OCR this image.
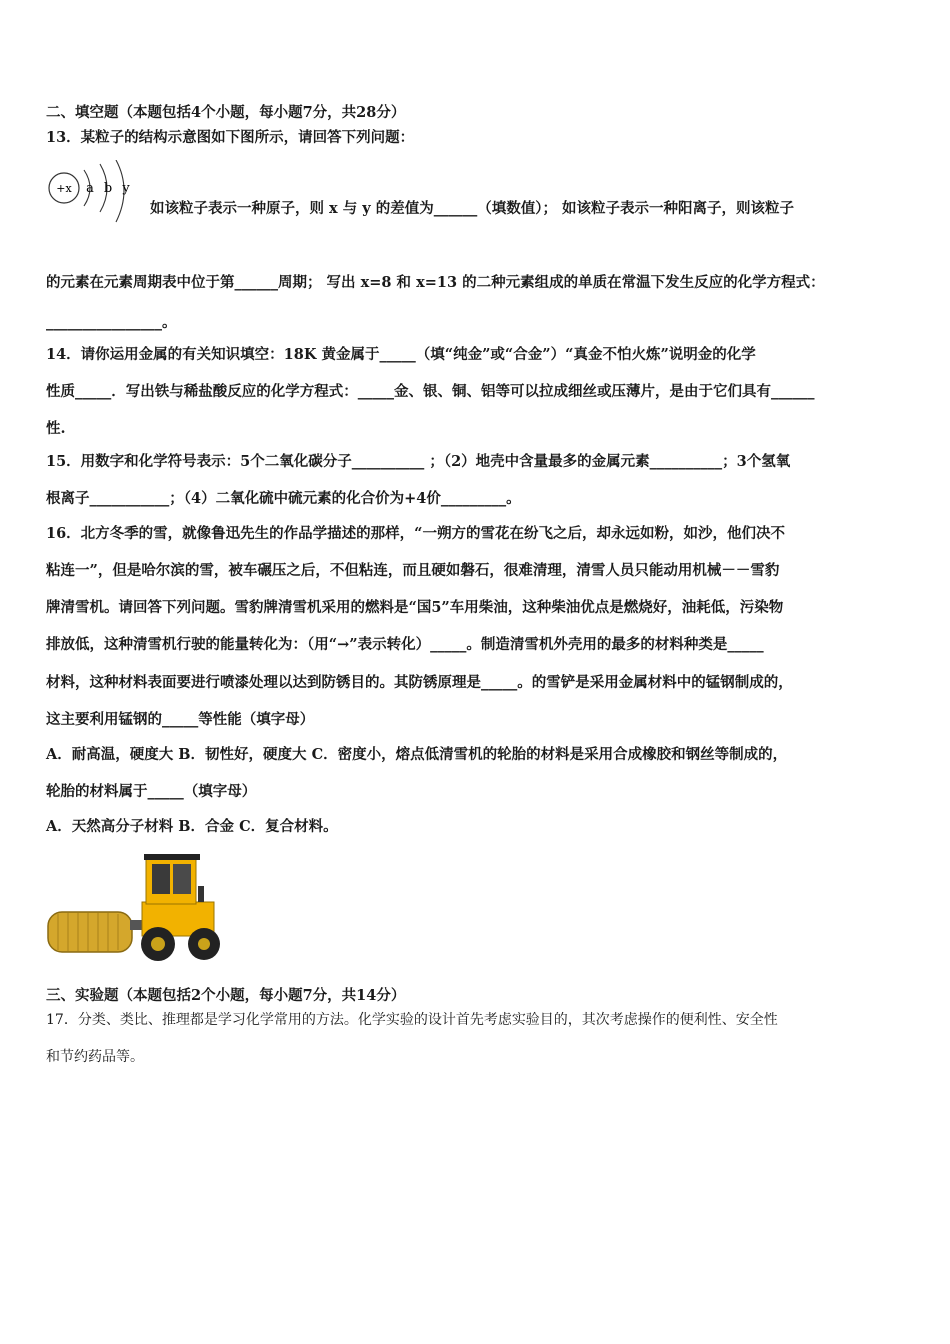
二、填空题（本题包括4个小题，每小题7分，共28分）
13．某粒子的结构示意图如下图所示，请回答下列问题：
+x a b y
如该粒子表示一种原子，则 x 与 y 的差值为______（填数值）； 如该粒子表示一种阳离子，则该粒子
的元素在元素周期表中位于第______周期； 写出 x=8 和 x=13 的二种元素组成的单质在常温下发生反应的化学方程式：
________________。
14．请你运用金属的有关知识填空：18K 黄金属于_____（填“纯金”或“合金”）“真金不怕火炼”说明金的化学
性质_____．写出铁与稀盐酸反应的化学方程式：_____金、银、铜、铝等可以拉成细丝或压薄片，是由于它们具有______
性.
15．用数字和化学符号表示：5个二氧化碳分子__________ ；（2）地壳中含量最多的金属元素__________；3个氢氧
根离子___________；（4）二氧化硫中硫元素的化合价为+4价_________。
16．北方冬季的雪，就像鲁迅先生的作品学描述的那样，“一朔方的雪花在纷飞之后，却永远如粉，如沙，他们决不
粘连一”，但是哈尔滨的雪，被车碾压之后，不但粘连，而且硬如磐石，很难清理，清雪人员只能动用机械－－雪豹
牌清雪机。请回答下列问题。雪豹牌清雪机采用的燃料是“国5”车用柴油，这种柴油优点是燃烧好，油耗低，污染物
排放低，这种清雪机行驶的能量转化为：（用“→”表示转化）_____。制造清雪机外壳用的最多的材料种类是_____
材料，这种材料表面要进行喷漆处理以达到防锈目的。其防锈原理是_____。的雪铲是采用金属材料中的锰钢制成的，
这主要利用锰钢的_____等性能（填字母）
A．耐高温，硬度大 B．韧性好，硬度大 C．密度小，熔点低清雪机的轮胎的材料是采用合成橡胶和钢丝等制成的，
轮胎的材料属于_____（填字母）
A．天然高分子材料 B．合金 C．复合材料。
三、实验题（本题包括2个小题，每小题7分，共14分）
17．分类、类比、推理都是学习化学常用的方法。化学实验的设计首先考虑实验目的，其次考虑操作的便利性、安全性
和节约药品等。
